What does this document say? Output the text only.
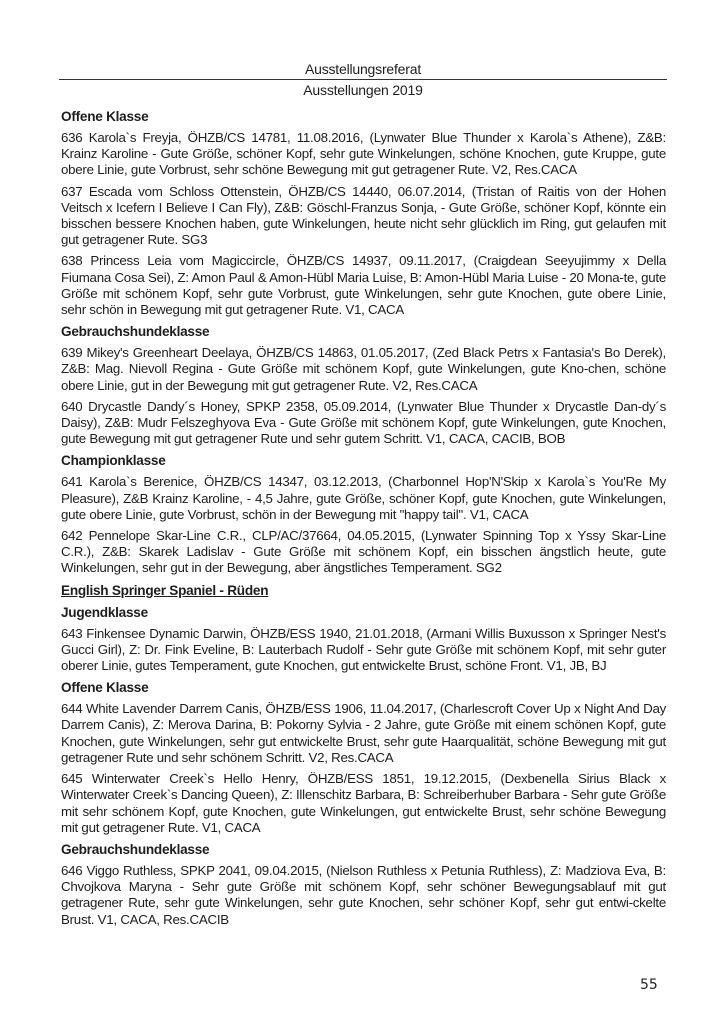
Ausstellungsreferat
Ausstellungen 2019
Offene Klasse

636 Karola`s Freyja, ÖHZB/CS 14781, 11.08.2016, (Lynwater Blue Thunder x Karola`s Athene), Z&B: Krainz Karoline - Gute Größe, schöner Kopf, sehr gute Winkelungen, schöne Knochen, gute Kruppe, gute obere Linie, gute Vorbrust, sehr schöne Bewegung mit gut getragener Rute. V2, Res.CACA

637 Escada vom Schloss Ottenstein, ÖHZB/CS 14440, 06.07.2014, (Tristan of Raitis von der Hohen Veitsch x Icefern I Believe I Can Fly), Z&B: Göschl-Franzus Sonja, - Gute Größe, schöner Kopf, könnte ein bisschen bessere Knochen haben, gute Winkelungen, heute nicht sehr glücklich im Ring, gut gelaufen mit gut getragener Rute. SG3

638 Princess Leia vom Magiccircle, ÖHZB/CS 14937, 09.11.2017, (Craigdean Seeyujimmy x Della Fiumana Cosa Sei), Z: Amon Paul & Amon-Hübl Maria Luise, B: Amon-Hübl Maria Luise - 20 Mona-te, gute Größe mit schönem Kopf, sehr gute Vorbrust, gute Winkelungen, sehr gute Knochen, gute obere Linie, sehr schön in Bewegung mit gut getragener Rute. V1, CACA

Gebrauchshundeklasse

639 Mikey's Greenheart Deelaya, ÖHZB/CS 14863, 01.05.2017, (Zed Black Petrs x Fantasia's Bo Derek), Z&B: Mag. Nievoll Regina - Gute Größe mit schönem Kopf, gute Winkelungen, gute Kno-chen, schöne obere Linie, gut in der Bewegung mit gut getragener Rute. V2, Res.CACA

640 Drycastle Dandy´s Honey, SPKP 2358, 05.09.2014, (Lynwater Blue Thunder x Drycastle Dan-dy´s Daisy), Z&B: Mudr Felszeghyova Eva - Gute Größe mit schönem Kopf, gute Winkelungen, gute Knochen, gute Bewegung mit gut getragener Rute und sehr gutem Schritt. V1, CACA, CACIB, BOB

Championklasse

641 Karola`s Berenice, ÖHZB/CS 14347, 03.12.2013, (Charbonnel Hop'N'Skip x Karola`s You'Re My Pleasure), Z&B Krainz Karoline, - 4,5 Jahre, gute Größe, schöner Kopf, gute Knochen, gute Winkelungen, gute obere Linie, gute Vorbrust, schön in der Bewegung mit "happy tail". V1, CACA

642 Pennelope Skar-Line C.R., CLP/AC/37664, 04.05.2015, (Lynwater Spinning Top x Yssy Skar-Line C.R.), Z&B: Skarek Ladislav - Gute Größe mit schönem Kopf, ein bisschen ängstlich heute, gute Winkelungen, sehr gut in der Bewegung, aber ängstliches Temperament. SG2

English Springer Spaniel - Rüden
Jugendklasse

643 Finkensee Dynamic Darwin, ÖHZB/ESS 1940, 21.01.2018, (Armani Willis Buxusson x Springer Nest's Gucci Girl), Z: Dr. Fink Eveline, B: Lauterbach Rudolf - Sehr gute Größe mit schönem Kopf, mit sehr guter oberer Linie, gutes Temperament, gute Knochen, gut entwickelte Brust, schöne Front. V1, JB, BJ

Offene Klasse

644 White Lavender Darrem Canis, ÖHZB/ESS 1906, 11.04.2017, (Charlescroft Cover Up x Night And Day Darrem Canis), Z: Merova Darina, B: Pokorny Sylvia - 2 Jahre, gute Größe mit einem schönen Kopf, gute Knochen, gute Winkelungen, sehr gut entwickelte Brust, sehr gute Haarqualität, schöne Bewegung mit gut getragener Rute und sehr schönem Schritt. V2, Res.CACA

645 Winterwater Creek`s Hello Henry, ÖHZB/ESS 1851, 19.12.2015, (Dexbenella Sirius Black x Winterwater Creek`s Dancing Queen), Z: Illenschitz Barbara, B: Schreiberhuber Barbara - Sehr gute Größe mit sehr schönem Kopf, gute Knochen, gute Winkelungen, gut entwickelte Brust, sehr schöne Bewegung mit gut getragener Rute. V1, CACA

Gebrauchshundeklasse

646 Viggo Ruthless, SPKP 2041, 09.04.2015, (Nielson Ruthless x Petunia Ruthless), Z: Madziova Eva, B: Chvojkova Maryna - Sehr gute Größe mit schönem Kopf, sehr schöner Bewegungsablauf mit gut getragener Rute, sehr gute Winkelungen, sehr gute Knochen, sehr schöner Kopf, sehr gut entwi-ckelte Brust. V1, CACA, Res.CACIB

55
